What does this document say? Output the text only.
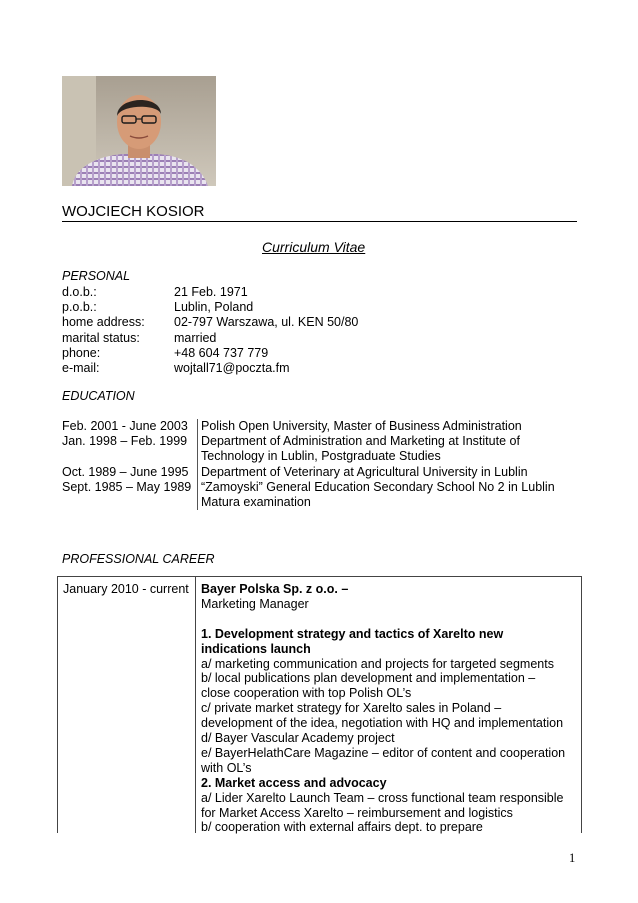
WOJCIECH KOSIOR
Curriculum Vitae
PERSONAL
d.o.b.:	21 Feb. 1971
p.o.b.:	Lublin, Poland
home address:	02-797 Warszawa, ul. KEN 50/80
marital status:	married
phone:	+48 604 737 779
e-mail:	wojtall71@poczta.fm
EDUCATION
Feb. 2001 - June 2003	Polish Open University, Master of Business Administration
Jan. 1998 – Feb. 1999	Department of Administration and Marketing at Institute of Technology in Lublin, Postgraduate Studies
Oct. 1989 – June 1995	Department of Veterinary at Agricultural University in Lublin
Sept. 1985 – May 1989 “Zamoyski” General Education Secondary School No 2 in Lublin Matura examination
PROFESSIONAL CAREER
January 2010 - current Bayer Polska Sp. z o.o. –
Marketing Manager
1. Development strategy and tactics of Xarelto new
indications launch
a/ marketing communication and projects for targeted segments
b/ local publications plan development and implementation –
close cooperation with top Polish OL’s
c/ private market strategy for Xarelto sales in Poland –
development of the idea, negotiation with HQ and implementation
d/ Bayer Vascular Academy project
e/ BayerHelathCare Magazine – editor of content and cooperation
with OL’s
2. Market access and advocacy
a/ Lider Xarelto Launch Team – cross functional team responsible
for Market Access Xarelto – reimbursement and logistics
b/ cooperation with external affairs dept. to prepare
1
